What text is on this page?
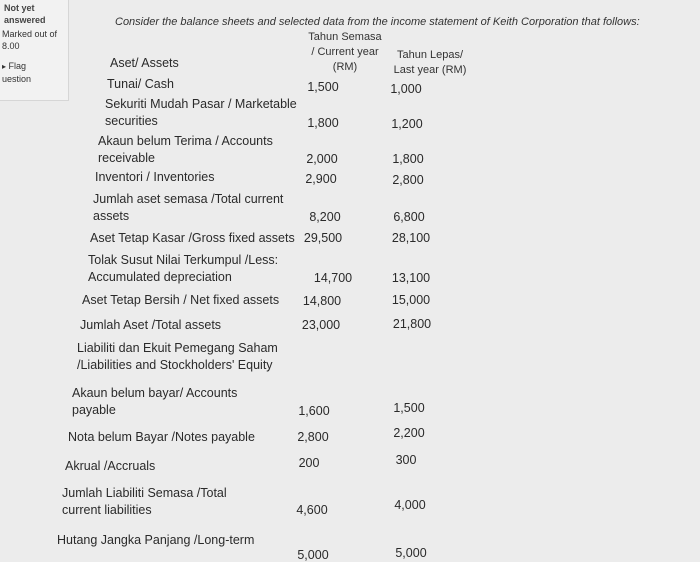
Not yet
answered
Marked out of
8.00
▸ Flag
uestion
Consider the balance sheets and selected data from the income statement of Keith Corporation that follows:
Tahun Semasa
/ Current year
(RM)
Tahun Lepas/
Last year (RM)
Aset/ Assets
Tunai/ Cash
Sekuriti Mudah Pasar / Marketable
securities
Akaun belum Terima / Accounts
receivable
Inventori / Inventories
Jumlah aset semasa /Total current
assets
Aset Tetap Kasar /Gross fixed assets
Tolak Susut Nilai Terkumpul /Less:
Accumulated depreciation
Aset Tetap Bersih / Net fixed assets
Jumlah Aset /Total assets
Liabiliti dan Ekuit Pemegang Saham
/Liabilities and Stockholders' Equity
Akaun belum bayar/ Accounts
payable
Nota belum Bayar /Notes payable
Akrual /Accruals
Jumlah Liabiliti Semasa /Total
current liabilities
Hutang Jangka Panjang /Long-term
1,500
1,800
2,000
2,900
8,200
29,500
14,700
14,800
23,000
1,600
2,800
200
4,600
5,000
1,000
1,200
1,800
2,800
6,800
28,100
13,100
15,000
21,800
1,500
2,200
300
4,000
5,000
